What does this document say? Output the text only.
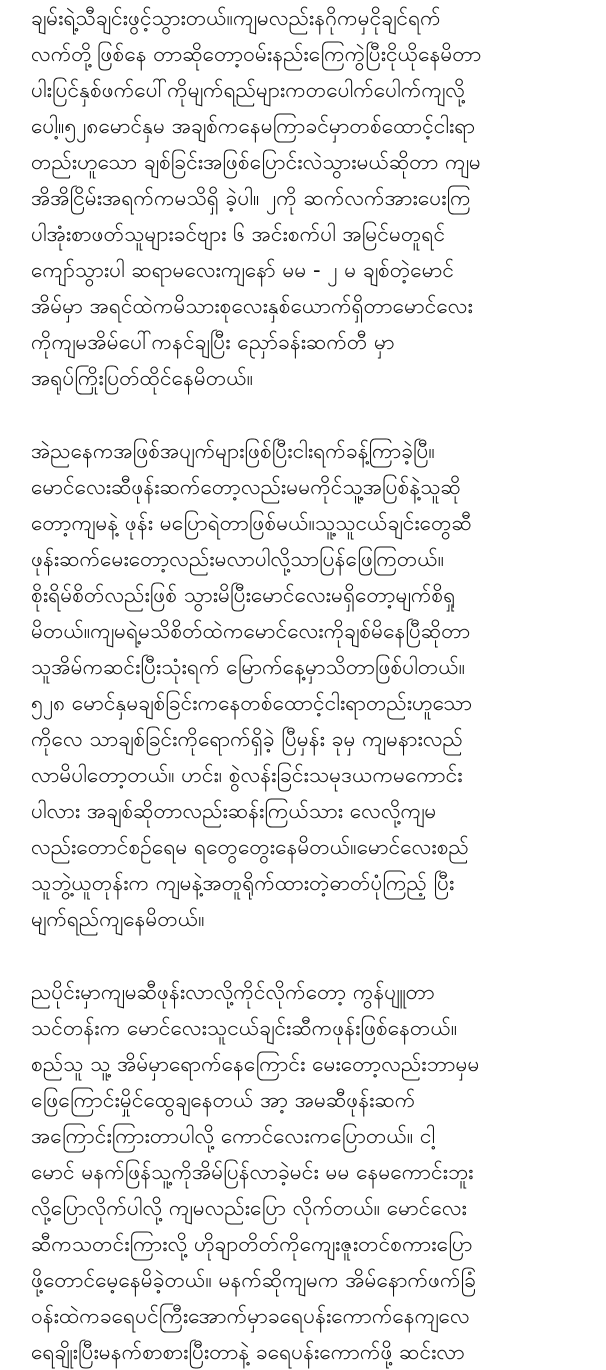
ချမ်းရဲ့သီချင်းဖွင့်သွားတယ်။ကျမလည်းနဂိုကမှငိုချင်ရက်
လက်တို့ဖြစ်နေ တာဆိုတော့ဝမ်းနည်းကြေကွဲပြီးငိုယိုနေမိတာ
ပါးပြင်နှစ်ဖက်ပေါ်ကိုမျက်ရည်များကတပေါက်ပေါက်ကျလို့
ပေါ့။၅၂၈မောင်နှမ အချစ်ကနေမကြာခင်မှာတစ်ထောင့်ငါးရာ
တည်းဟူသော ချစ်ခြင်းအဖြစ်ပြောင်းလဲသွားမယ်ဆိုတာ ကျမ
အိအိငြိမ်းအရက်ကမသိရှိ ခဲ့ပါ။ ၂ကို ဆက်လက်အားပေးကြ
ပါအုံးစာဖတ်သူများခင်ဗျား ၆ အင်းစက်ပါ အမြင်မတူရင်
ကျော်သွားပါ ဆရာမလေးကျနော် မမ - ၂ မ ချစ်တဲ့မောင်
အိမ်မှာ အရင်ထဲကမိသားစုလေးနှစ်ယောက်ရှိတာမောင်လေး
ကိုကျမအိမ်ပေါ်ကနင်ချပြီး ညှော်ခန်းဆက်တီ မှာ
အရုပ်ကြိုးပြတ်ထိုင်နေမိတယ်။
အဲညနေကအဖြစ်အပျက်များဖြစ်ပြီးငါးရက်ခန့်ကြာခဲ့ပြီ။
မောင်လေးဆီဖုန်းဆက်တော့လည်းမမကိုင်သူ့အပြစ်နဲ့သူဆို
တော့ကျမနဲ့ ဖုန်း မပြောရဲတာဖြစ်မယ်။သူ့သူငယ်ချင်းတွေဆီ
ဖုန်းဆက်မေးတော့လည်းမလာပါလို့သာပြန်ဖြေကြတယ်။
စိုးရိမ်စိတ်လည်းဖြစ် သွားမိပြီးမောင်လေးမရှိတော့မျက်စိရှု
မိတယ်။ကျမရဲ့မသိစိတ်ထဲကမောင်လေးကိုချစ်မိနေပြီဆိုတာ
သူအိမ်ကဆင်းပြီးသုံးရက် မြောက်နေ့မှာသိတာဖြစ်ပါတယ်။
၅၂၈ မောင်နှမချစ်ခြင်းကနေတစ်ထောင့်ငါးရာတည်းဟူသော
ကိုလေ သာချစ်ခြင်းကိုရောက်ရှိခဲ့ ပြီမှန်း ခုမှ ကျမနားလည်
လာမိပါတော့တယ်။ ဟင်း၊ စွဲလန်းခြင်းသမုဒယကမကောင်း
ပါလား အချစ်ဆိုတာလည်းဆန်းကြယ်သား လေလို့ကျမ
လည်းတောင်စဉ်ရေမ ရတွေတွေးနေမိတယ်။မောင်လေးစည်
သူဘွဲ့ယူတုန်းက ကျမနဲ့အတူရိုက်ထားတဲ့ဓာတ်ပုံကြည့် ပြီး
မျက်ရည်ကျနေမိတယ်။
ညပိုင်းမှာကျမဆီဖုန်းလာလို့ကိုင်လိုက်တော့ ကွန်ပျူတာ
သင်တန်းက မောင်လေးသူငယ်ချင်းဆီကဖုန်းဖြစ်နေတယ်။
စည်သူ သူ့ အိမ်မှာရောက်နေကြောင်း မေးတော့လည်းဘာမှမ
ဖြေကြောင်းမှိုင်ထွေချနေတယ် အာ့ အမဆီဖုန်းဆက်
အကြောင်းကြားတာပါလို့ ကောင်လေးကပြောတယ်။ ငါ့
မောင် မနက်ဖြန်သူ့ကိုအိမ်ပြန်လာခဲ့မင်း မမ နေမကောင်းဘူး
လို့ပြောလိုက်ပါလို့ ကျမလည်းပြော လိုက်တယ်။ မောင်လေး
ဆီကသတင်းကြားလို့ ဟိုချာတိတ်ကိုကျေးဇူးတင်စကားပြော
ဖို့တောင်မေ့နေမိခဲ့တယ်။ မနက်ဆိုကျမက အိမ်နောက်ဖက်ခြံ
ဝန်းထဲကခရေပင်ကြီးအောက်မှာခရေပန်းကောက်နေကျလေ
ရေချိုးပြီးမနက်စာစားပြီးတာနဲ့ ခရေပန်းကောက်ဖို့ ဆင်းလာ
